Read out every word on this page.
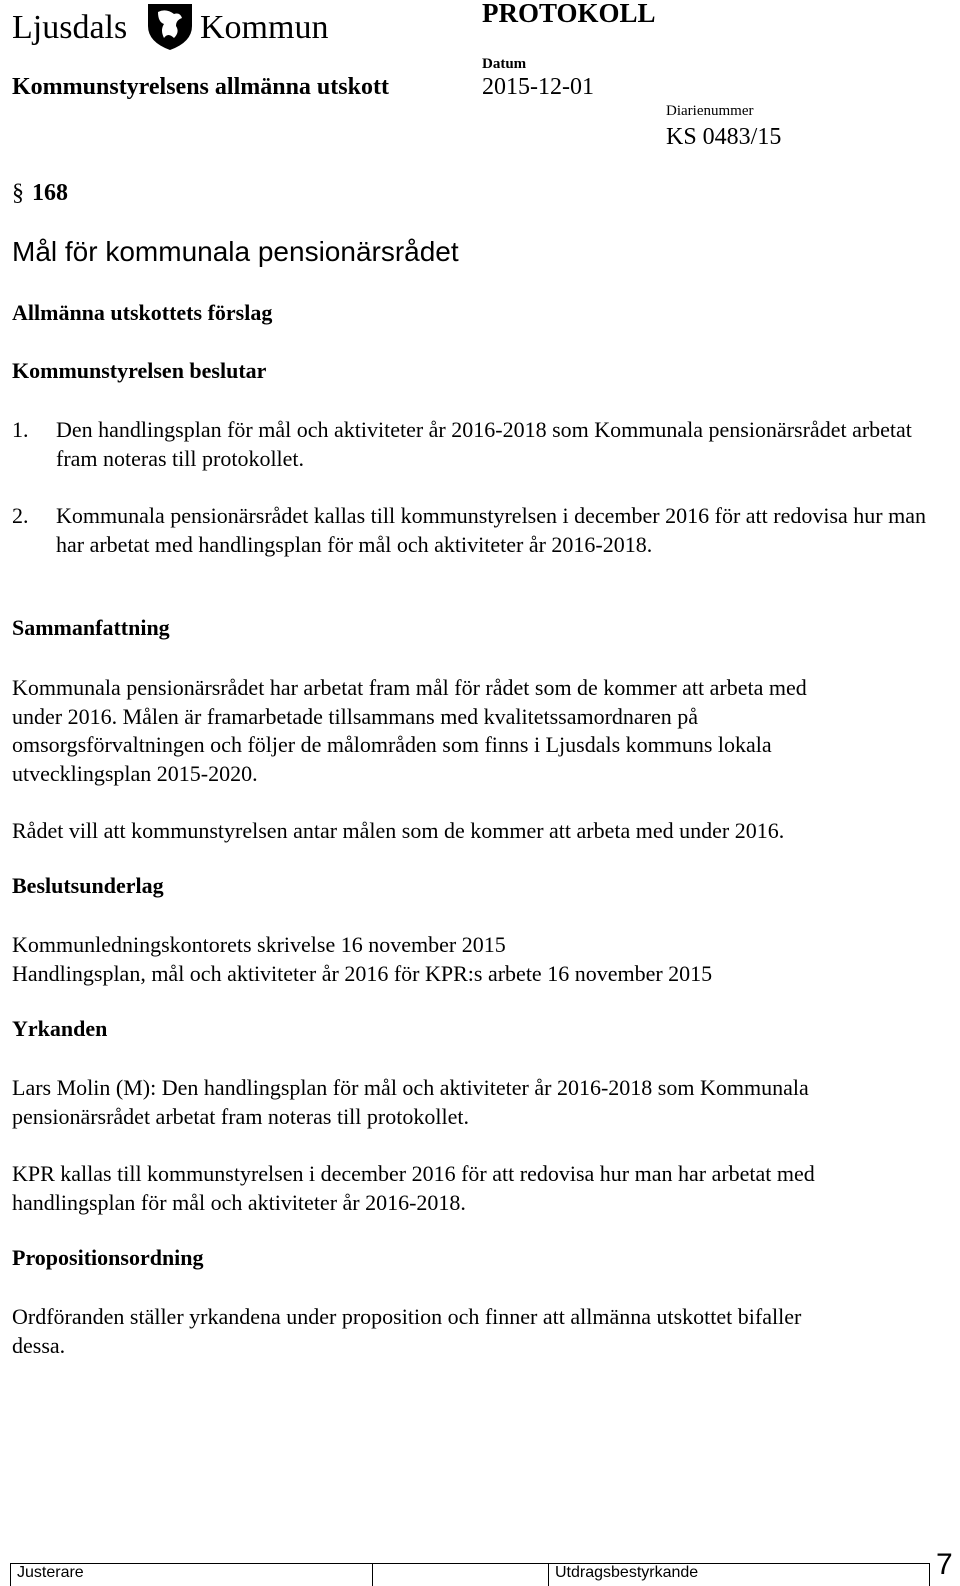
Ljusdals Kommun
Kommunstyrelsens allmänna utskott
PROTOKOLL
Datum
2015-12-01
Diarienummer
KS 0483/15
§ 168
Mål för kommunala pensionärsrådet
Allmänna utskottets förslag
Kommunstyrelsen beslutar
1. Den handlingsplan för mål och aktiviteter år 2016-2018 som Kommunala pensionärsrådet arbetat fram noteras till protokollet.
2. Kommunala pensionärsrådet kallas till kommunstyrelsen i december 2016 för att redovisa hur man har arbetat med handlingsplan för mål och aktiviteter år 2016-2018.
Sammanfattning
Kommunala pensionärsrådet har arbetat fram mål för rådet som de kommer att arbeta med
under 2016. Målen är framarbetade tillsammans med kvalitetssamordnaren på
omsorgsförvaltningen och följer de målområden som finns i Ljusdals kommuns lokala
utvecklingsplan 2015-2020.
Rådet vill att kommunstyrelsen antar målen som de kommer att arbeta med under 2016.
Beslutsunderlag
Kommunledningskontorets skrivelse 16 november 2015
Handlingsplan, mål och aktiviteter år 2016 för KPR:s arbete 16 november 2015
Yrkanden
Lars Molin (M): Den handlingsplan för mål och aktiviteter år 2016-2018 som Kommunala
pensionärsrådet arbetat fram noteras till protokollet.
KPR kallas till kommunstyrelsen i december 2016 för att redovisa hur man har arbetat med
handlingsplan för mål och aktiviteter år 2016-2018.
Propositionsordning
Ordföranden ställer yrkandena under proposition och finner att allmänna utskottet bifaller
dessa.
Justerare	Utdragsbestyrkande	7
